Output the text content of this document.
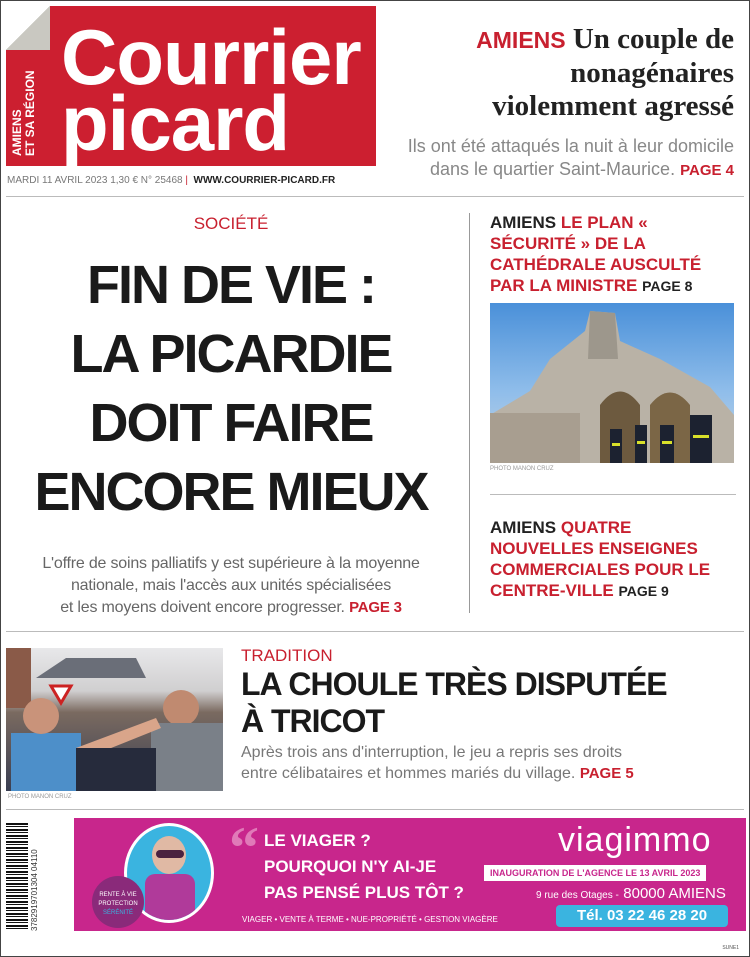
Courrier
picard
AMIENS ET SA RÉGION
MARDI 11 AVRIL 2023 1,30 € N° 25468 | WWW.COURRIER-PICARD.FR
AMIENS Un couple de
nonagénaires
violemment agressé
Ils ont été attaqués la nuit à leur domicile
dans le quartier Saint-Maurice. PAGE 4
SOCIÉTÉ
FIN DE VIE :
LA PICARDIE
DOIT FAIRE
ENCORE MIEUX
L'offre de soins palliatifs y est supérieure à la moyenne
nationale, mais l'accès aux unités spécialisées
et les moyens doivent encore progresser. PAGE 3
AMIENS LE PLAN « SÉCURITÉ » DE LA CATHÉDRALE AUSCULTÉ PAR LA MINISTRE PAGE 8
PHOTO MANON CRUZ
AMIENS QUATRE NOUVELLES ENSEIGNES COMMERCIALES POUR LE CENTRE-VILLE PAGE 9
PHOTO MANON CRUZ
TRADITION
LA CHOULE TRÈS DISPUTÉE
À TRICOT
Après trois ans d'interruption, le jeu a repris ses droits
entre célibataires et hommes mariés du village. PAGE 5
3782919701304 04110	RENTE À VIE
PROTECTION
SÉRÉNITÉ
“ LE VIAGER ?
POURQUOI N'Y AI-JE
PAS PENSÉ PLUS TÔT ?
VIAGER • VENTE À TERME • NUE-PROPRIÉTÉ • GESTION VIAGÈRE
viagimmo
INAUGURATION DE L'AGENCE LE 13 AVRIL 2023
9 rue des Otages - 80000 AMIENS
Tél. 03 22 46 28 20
SUNE1
